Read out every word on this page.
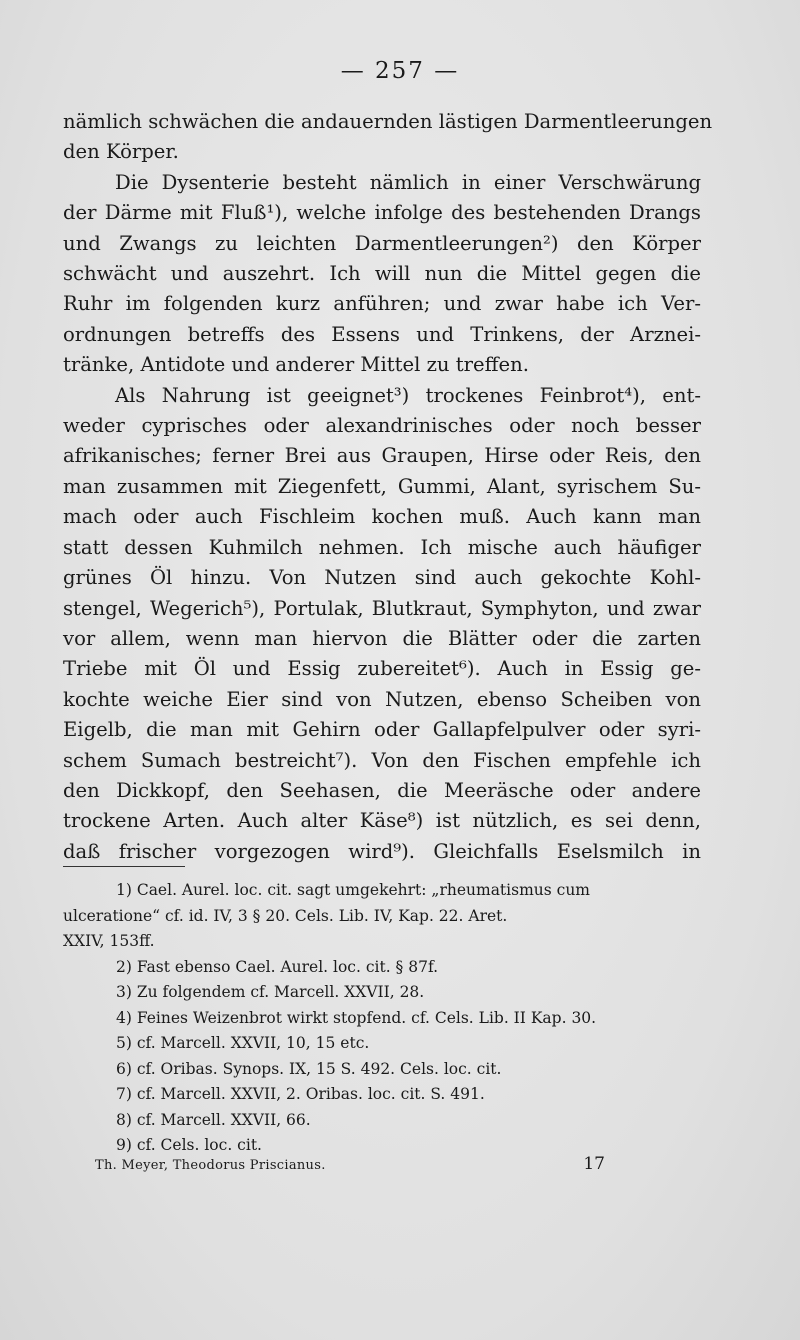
— 257 —
nämlich schwächen die andauernden lästigen Darmentleerungen
den Körper.
Die Dysenterie besteht nämlich in einer Verschwärung
der Därme mit Fluß¹), welche infolge des bestehenden Drangs
und Zwangs zu leichten Darmentleerungen²) den Körper
schwächt und auszehrt. Ich will nun die Mittel gegen die
Ruhr im folgenden kurz anführen; und zwar habe ich Ver-
ordnungen betreffs des Essens und Trinkens, der Arznei-
tränke, Antidote und anderer Mittel zu treffen.
Als Nahrung ist geeignet³) trockenes Feinbrot⁴), ent-
weder cyprisches oder alexandrinisches oder noch besser
afrikanisches; ferner Brei aus Graupen, Hirse oder Reis, den
man zusammen mit Ziegenfett, Gummi, Alant, syrischem Su-
mach oder auch Fischleim kochen muß. Auch kann man
statt dessen Kuhmilch nehmen. Ich mische auch häufiger
grünes Öl hinzu. Von Nutzen sind auch gekochte Kohl-
stengel, Wegerich⁵), Portulak, Blutkraut, Symphyton, und zwar
vor allem, wenn man hiervon die Blätter oder die zarten
Triebe mit Öl und Essig zubereitet⁶). Auch in Essig ge-
kochte weiche Eier sind von Nutzen, ebenso Scheiben von
Eigelb, die man mit Gehirn oder Gallapfelpulver oder syri-
schem Sumach bestreicht⁷). Von den Fischen empfehle ich
den Dickkopf, den Seehasen, die Meeräsche oder andere
trockene Arten. Auch alter Käse⁸) ist nützlich, es sei denn,
daß frischer vorgezogen wird⁹). Gleichfalls Eselsmilch in
1) Cael. Aurel. loc. cit. sagt umgekehrt: „rheumatismus cum
ulceratione“ cf. id. IV, 3 § 20. Cels. Lib. IV, Kap. 22. Aret.
XXIV, 153ff.
2) Fast ebenso Cael. Aurel. loc. cit. § 87f.
3) Zu folgendem cf. Marcell. XXVII, 28.
4) Feines Weizenbrot wirkt stopfend. cf. Cels. Lib. II Kap. 30.
5) cf. Marcell. XXVII, 10, 15 etc.
6) cf. Oribas. Synops. IX, 15 S. 492. Cels. loc. cit.
7) cf. Marcell. XXVII, 2. Oribas. loc. cit. S. 491.
8) cf. Marcell. XXVII, 66.
9) cf. Cels. loc. cit.
Th. Meyer, Theodorus Priscianus.	17
